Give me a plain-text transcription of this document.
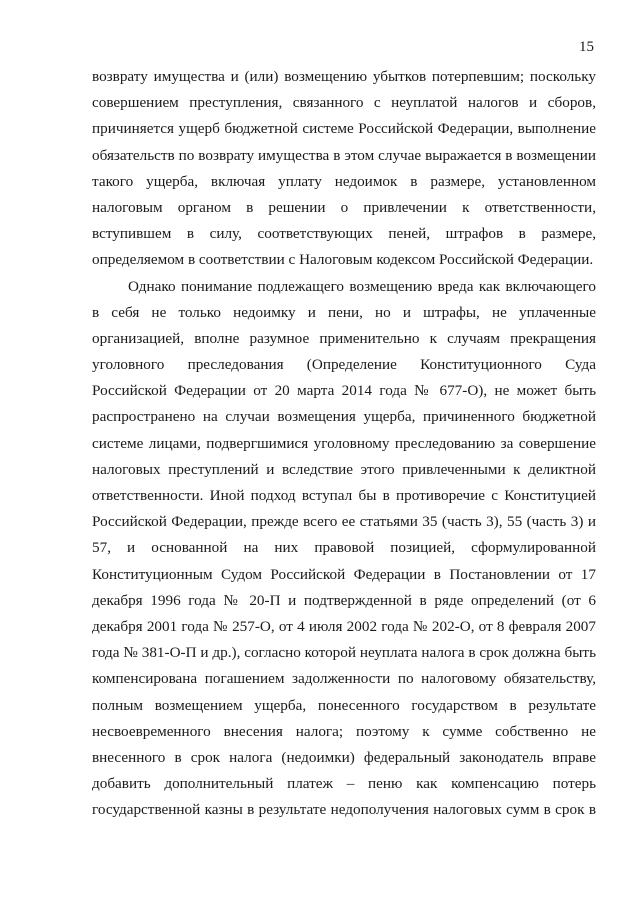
15
возврату имущества и (или) возмещению убытков потерпевшим; поскольку
совершением преступления, связанного с неуплатой налогов и сборов,
причиняется ущерб бюджетной системе Российской Федерации, выполнение
обязательств по возврату имущества в этом случае выражается в возмещении
такого ущерба, включая уплату недоимок в размере, установленном
налоговым органом в решении о привлечении к ответственности,
вступившем в силу, соответствующих пеней, штрафов в размере,
определяемом в соответствии с Налоговым кодексом Российской Федерации.
Однако понимание подлежащего возмещению вреда как включающего
в себя не только недоимку и пени, но и штрафы, не уплаченные
организацией, вполне разумное применительно к случаям прекращения
уголовного преследования (Определение Конституционного Суда
Российской Федерации от 20 марта 2014 года № 677-О), не может быть
распространено на случаи возмещения ущерба, причиненного бюджетной
системе лицами, подвергшимися уголовному преследованию за совершение
налоговых преступлений и вследствие этого привлеченными к деликтной
ответственности. Иной подход вступал бы в противоречие с Конституцией
Российской Федерации, прежде всего ее статьями 35 (часть 3), 55 (часть 3) и
57, и основанной на них правовой позицией, сформулированной
Конституционным Судом Российской Федерации в Постановлении от 17
декабря 1996 года № 20-П и подтвержденной в ряде определений (от 6
декабря 2001 года № 257-О, от 4 июля 2002 года № 202-О, от 8 февраля 2007
года № 381-О-П и др.), согласно которой неуплата налога в срок должна быть
компенсирована погашением задолженности по налоговому обязательству,
полным возмещением ущерба, понесенного государством в результате
несвоевременного внесения налога; поэтому к сумме собственно не
внесенного в срок налога (недоимки) федеральный законодатель вправе
добавить дополнительный платеж – пеню как компенсацию потерь
государственной казны в результате недополучения налоговых сумм в срок в
